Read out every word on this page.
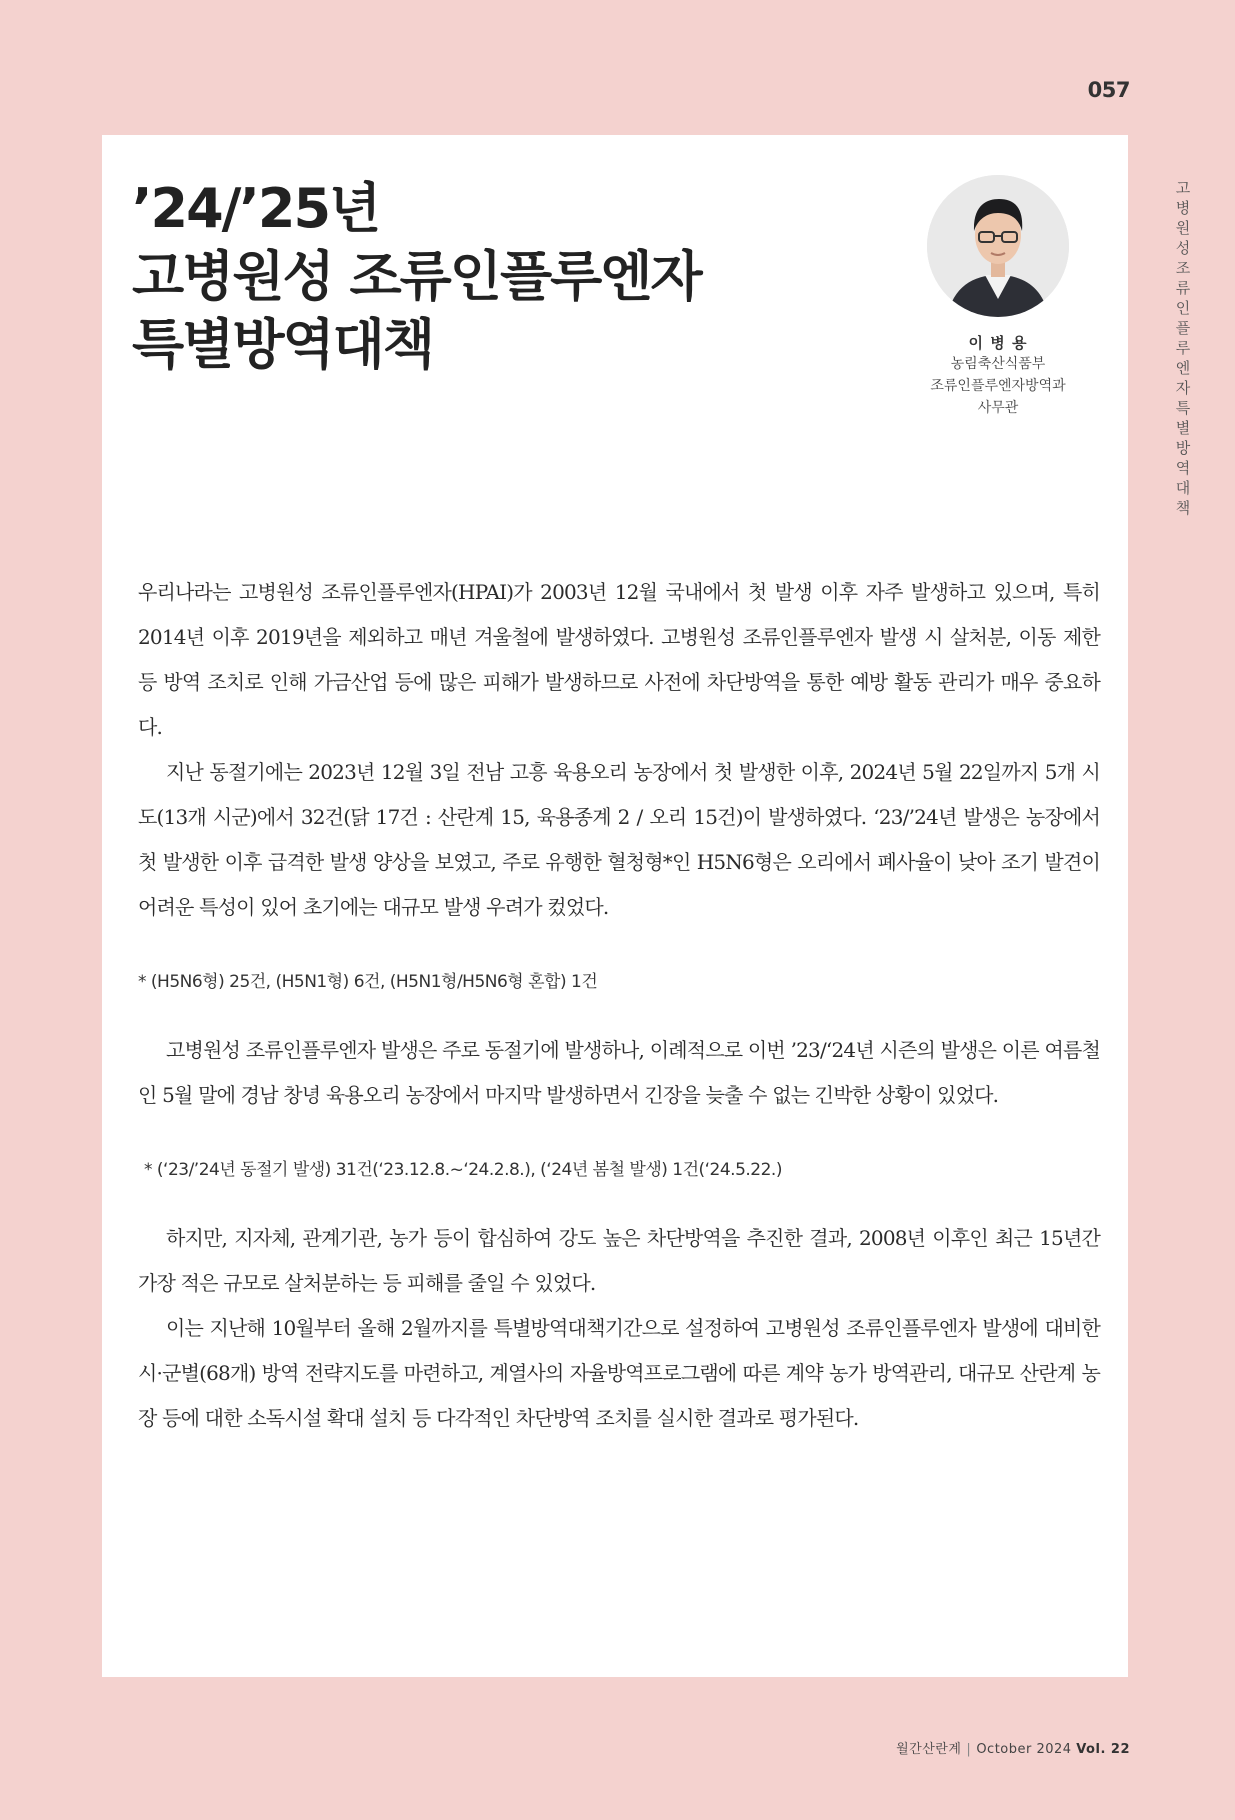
057
고병원성 조류인플루엔자 특별방역대책
’24/’25년
고병원성 조류인플루엔자
특별방역대책	이 병 용
농림축산식품부
조류인플루엔자방역과
사무관

우리나라는 고병원성 조류인플루엔자(HPAI)가 2003년 12월 국내에서 첫 발생 이후 자주 발생하고 있으며, 특히 2014년 이후 2019년을 제외하고 매년 겨울철에 발생하였다. 고병원성 조류인플루엔자 발생 시 살처분, 이동 제한 등 방역 조치로 인해 가금산업 등에 많은 피해가 발생하므로 사전에 차단방역을 통한 예방 활동 관리가 매우 중요하다.

지난 동절기에는 2023년 12월 3일 전남 고흥 육용오리 농장에서 첫 발생한 이후, 2024년 5월 22일까지 5개 시도(13개 시군)에서 32건(닭 17건 : 산란계 15, 육용종계 2 / 오리 15건)이 발생하였다. ‘23/’24년 발생은 농장에서 첫 발생한 이후 급격한 발생 양상을 보였고, 주로 유행한 혈청형*인 H5N6형은 오리에서 폐사율이 낮아 조기 발견이 어려운 특성이 있어 초기에는 대규모 발생 우려가 컸었다.

* (H5N6형) 25건, (H5N1형) 6건, (H5N1형/H5N6형 혼합) 1건

고병원성 조류인플루엔자 발생은 주로 동절기에 발생하나, 이례적으로 이번 ’23/‘24년 시즌의 발생은 이른 여름철인 5월 말에 경남 창녕 육용오리 농장에서 마지막 발생하면서 긴장을 늦출 수 없는 긴박한 상황이 있었다.

* (‘23/’24년 동절기 발생) 31건(‘23.12.8.~‘24.2.8.), (‘24년 봄철 발생) 1건(‘24.5.22.)

하지만, 지자체, 관계기관, 농가 등이 합심하여 강도 높은 차단방역을 추진한 결과, 2008년 이후인 최근 15년간 가장 적은 규모로 살처분하는 등 피해를 줄일 수 있었다.

이는 지난해 10월부터 올해 2월까지를 특별방역대책기간으로 설정하여 고병원성 조류인플루엔자 발생에 대비한 시·군별(68개) 방역 전략지도를 마련하고, 계열사의 자율방역프로그램에 따른 계약 농가 방역관리, 대규모 산란계 농장 등에 대한 소독시설 확대 설치 등 다각적인 차단방역 조치를 실시한 결과로 평가된다.

월간산란계 | October 2024 Vol. 22
